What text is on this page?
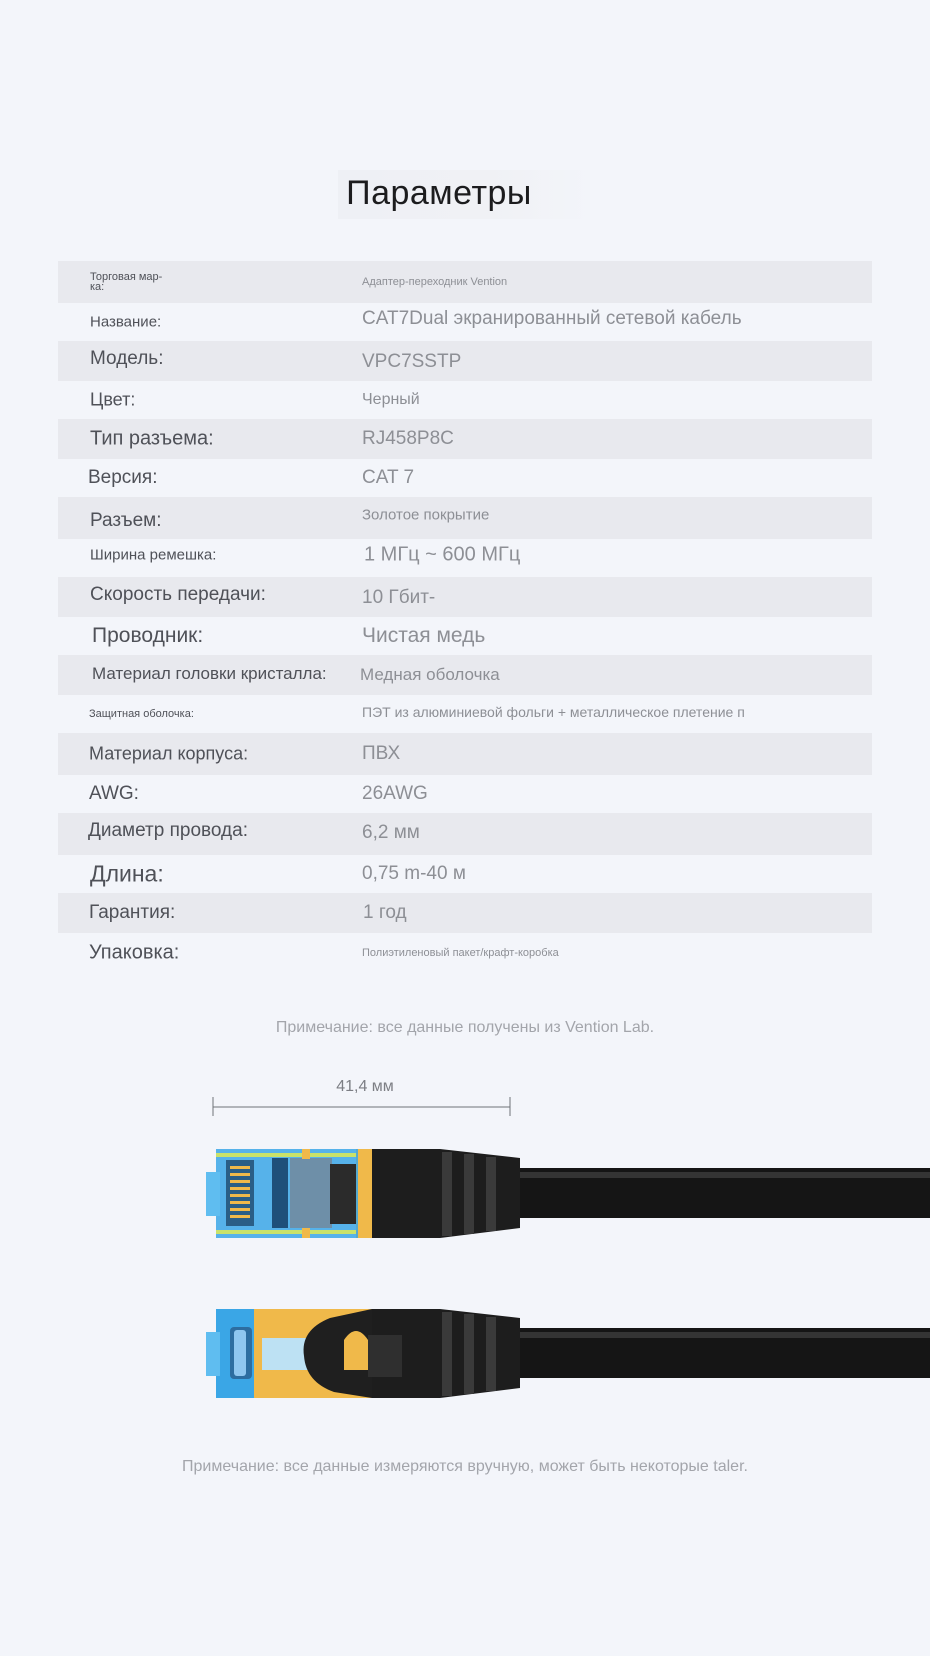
Параметры
Торговая мар-
ка:	Адаптер-переходник Vention
Название:	CAT7Dual экранированный сетевой кабель
Модель:	VPC7SSTP
Цвет:	Черный
Тип разъема:	RJ458P8C
Версия:	CAT 7
Разъем:	Золотое покрытие
Ширина ремешка:	1 МГц ~ 600 МГц
Скорость передачи:	10 Гбит-
Проводник:	Чистая медь
Материал головки кристалла: Медная оболочка
Защитная оболочка:	ПЭТ из алюминиевой фольги + металлическое плетение п
Материал корпуса:	ПВХ
AWG:	26AWG
Диаметр провода:	6,2 мм
Длина:	0,75 m-40 м
Гарантия:	1 год
Упаковка:	Полиэтиленовый пакет/крафт-коробка
Примечание: все данные получены из Vention Lab.
41,4 мм
Примечание: все данные измеряются вручную, может быть некоторые taler.
